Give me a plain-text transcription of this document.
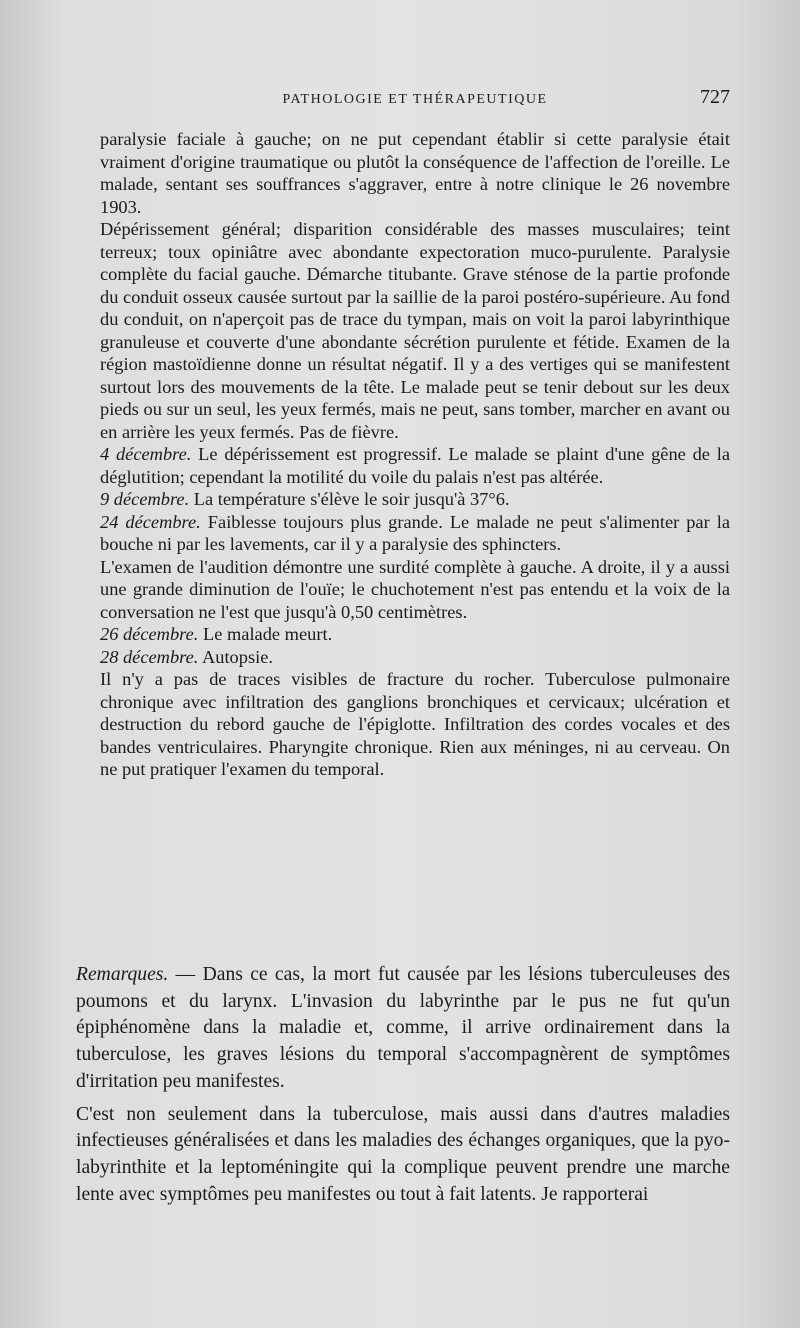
PATHOLOGIE ET THÉRAPEUTIQUE	727

paralysie faciale à gauche; on ne put cependant établir si cette paralysie était vraiment d'origine traumatique ou plutôt la conséquence de l'affection de l'oreille. Le malade, sentant ses souffrances s'aggraver, entre à notre clinique le 26 novembre 1903.

Dépérissement général; disparition considérable des masses musculaires; teint terreux; toux opiniâtre avec abondante expectoration muco-purulente. Paralysie complète du facial gauche. Démarche titubante. Grave sténose de la partie profonde du conduit osseux causée surtout par la saillie de la paroi postéro-supérieure. Au fond du conduit, on n'aperçoit pas de trace du tympan, mais on voit la paroi labyrinthique granuleuse et couverte d'une abondante sécrétion purulente et fétide. Examen de la région mastoïdienne donne un résultat négatif. Il y a des vertiges qui se manifestent surtout lors des mouvements de la tête. Le malade peut se tenir debout sur les deux pieds ou sur un seul, les yeux fermés, mais ne peut, sans tomber, marcher en avant ou en arrière les yeux fermés. Pas de fièvre.

4 décembre. Le dépérissement est progressif. Le malade se plaint d'une gêne de la déglutition; cependant la motilité du voile du palais n'est pas altérée.

9 décembre. La température s'élève le soir jusqu'à 37°6.

24 décembre. Faiblesse toujours plus grande. Le malade ne peut s'alimenter par la bouche ni par les lavements, car il y a paralysie des sphincters.

L'examen de l'audition démontre une surdité complète à gauche. A droite, il y a aussi une grande diminution de l'ouïe; le chuchotement n'est pas entendu et la voix de la conversation ne l'est que jusqu'à 0,50 centimètres.

26 décembre. Le malade meurt.

28 décembre. Autopsie.

Il n'y a pas de traces visibles de fracture du rocher. Tuberculose pulmonaire chronique avec infiltration des ganglions bronchiques et cervicaux; ulcération et destruction du rebord gauche de l'épiglotte. Infiltration des cordes vocales et des bandes ventriculaires. Pharyngite chronique. Rien aux méninges, ni au cerveau. On ne put pratiquer l'examen du temporal.

Remarques. — Dans ce cas, la mort fut causée par les lésions tuberculeuses des poumons et du larynx. L'invasion du labyrinthe par le pus ne fut qu'un épiphénomène dans la maladie et, comme, il arrive ordinairement dans la tuberculose, les graves lésions du temporal s'accompagnèrent de symptômes d'irritation peu manifestes.

C'est non seulement dans la tuberculose, mais aussi dans d'autres maladies infectieuses généralisées et dans les maladies des échanges organiques, que la pyo-labyrinthite et la leptoméningite qui la complique peuvent prendre une marche lente avec symptômes peu manifestes ou tout à fait latents. Je rapporterai
